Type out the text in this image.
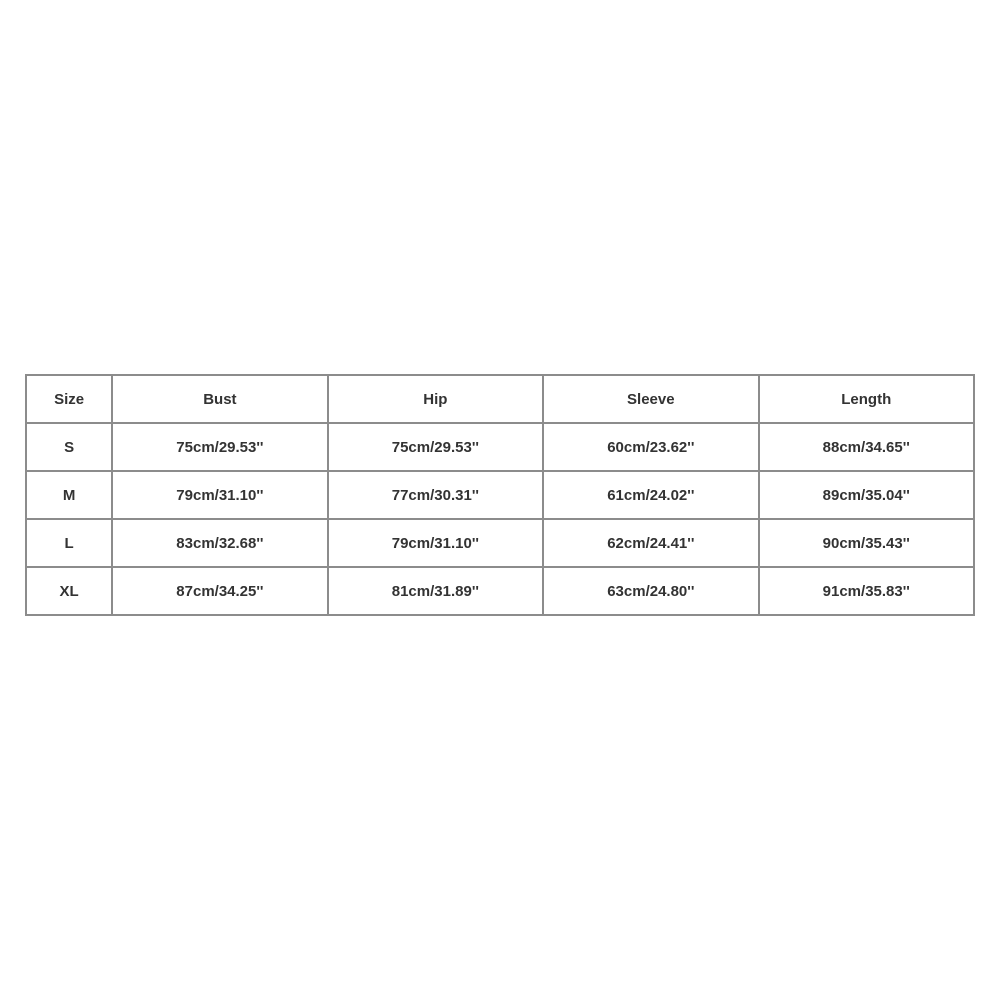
Size	Bust	Hip	Sleeve	Length
S	75cm/29.53''	75cm/29.53''	60cm/23.62''	88cm/34.65''
M	79cm/31.10''	77cm/30.31''	61cm/24.02''	89cm/35.04''
L	83cm/32.68''	79cm/31.10''	62cm/24.41''	90cm/35.43''
XL	87cm/34.25''	81cm/31.89''	63cm/24.80''	91cm/35.83''
